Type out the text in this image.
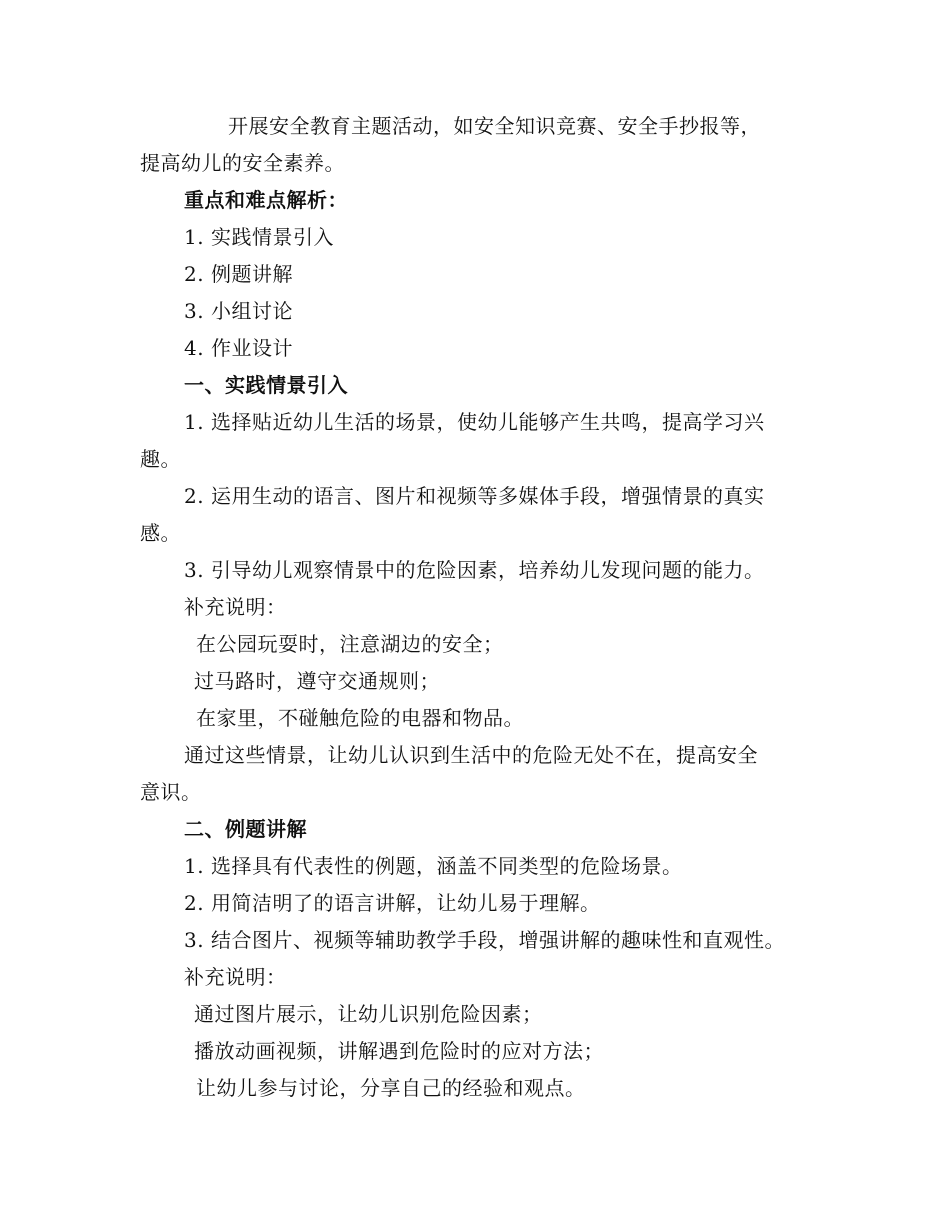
开展安全教育主题活动，如安全知识竞赛、安全手抄报等，
提高幼儿的安全素养。
重点和难点解析：
1. 实践情景引入
2. 例题讲解
3. 小组讨论
4. 作业设计
一、实践情景引入
1. 选择贴近幼儿生活的场景，使幼儿能够产生共鸣，提高学习兴
趣。
2. 运用生动的语言、图片和视频等多媒体手段，增强情景的真实
感。
3. 引导幼儿观察情景中的危险因素，培养幼儿发现问题的能力。
补充说明：
在公园玩耍时，注意湖边的安全；
过马路时，遵守交通规则；
在家里，不碰触危险的电器和物品。
通过这些情景，让幼儿认识到生活中的危险无处不在，提高安全
意识。
二、例题讲解
1. 选择具有代表性的例题，涵盖不同类型的危险场景。
2. 用简洁明了的语言讲解，让幼儿易于理解。
3. 结合图片、视频等辅助教学手段，增强讲解的趣味性和直观性。
补充说明：
通过图片展示，让幼儿识别危险因素；
播放动画视频，讲解遇到危险时的应对方法；
让幼儿参与讨论，分享自己的经验和观点。
